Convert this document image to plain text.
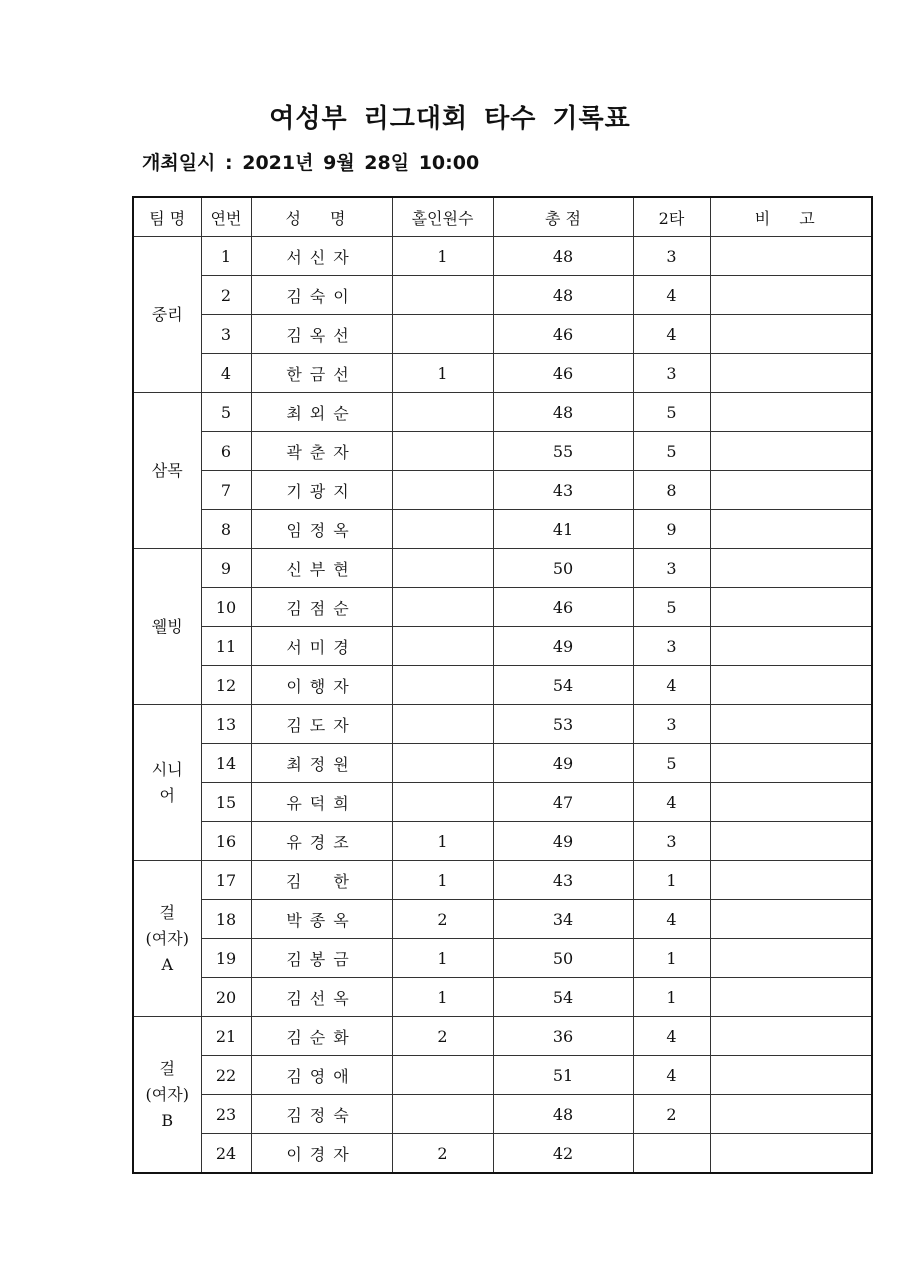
여성부 리그대회 타수 기록표
개최일시 : 2021년 9월 28일 10:00
팀 명	연번	성 명	홀인원수	총 점	2타	비 고
중리	1	서신자	1	48	3	
	2	김숙이		48	4	
	3	김옥선		46	4	
	4	한금선	1	46	3	
삼목	5	최외순		48	5	
	6	곽춘자		55	5	
	7	기광지		43	8	
	8	임정옥		41	9	
웰빙	9	신부현		50	3	
	10	김점순		46	5	
	11	서미경		49	3	
	12	이행자		54	4	
시니
어	13	김도자		53	3	
	14	최정원		49	5	
	15	유덕희		47	4	
	16	유경조	1	49	3	
걸
(여자)
A	17	김　한	1	43	1	
	18	박종옥	2	34	4	
	19	김봉금	1	50	1	
	20	김선옥	1	54	1	
걸
(여자)
B	21	김순화	2	36	4	
	22	김영애		51	4	
	23	김정숙		48	2	
	24	이경자	2	42		
